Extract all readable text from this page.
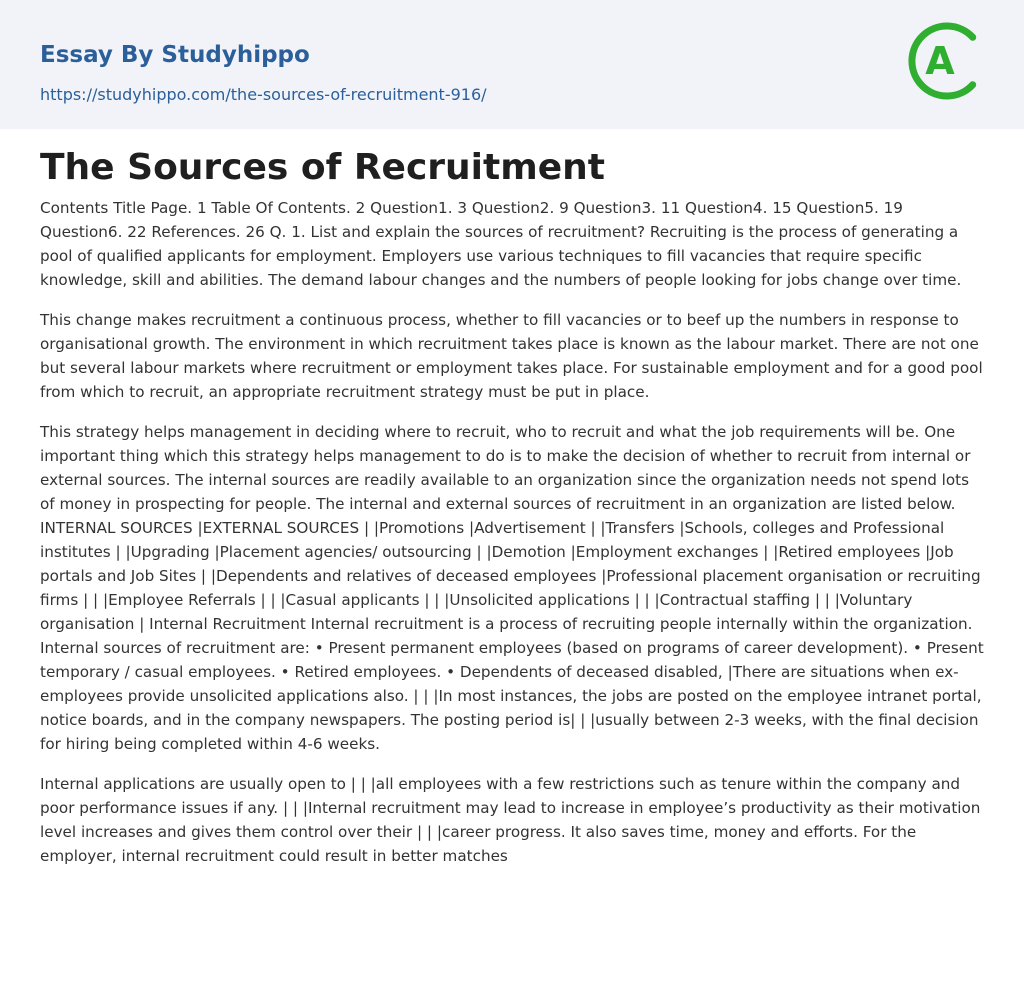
Essay By Studyhippo
https://studyhippo.com/the-sources-of-recruitment-916/
A
The Sources of Recruitment

Contents Title Page. 1 Table Of Contents. 2 Question1. 3 Question2. 9 Question3. 11 Question4. 15 Question5. 19 Question6. 22 References. 26 Q. 1. List and explain the sources of recruitment? Recruiting is the process of generating a pool of qualified applicants for employment. Employers use various techniques to fill vacancies that require specific knowledge, skill and abilities. The demand labour changes and the numbers of people looking for jobs change over time.

This change makes recruitment a continuous process, whether to fill vacancies or to beef up the numbers in response to organisational growth. The environment in which recruitment takes place is known as the labour market. There are not one but several labour markets where recruitment or employment takes place. For sustainable employment and for a good pool from which to recruit, an appropriate recruitment strategy must be put in place.

This strategy helps management in deciding where to recruit, who to recruit and what the job requirements will be. One important thing which this strategy helps management to do is to make the decision of whether to recruit from internal or external sources. The internal sources are readily available to an organization since the organization needs not spend lots of money in prospecting for people. The internal and external sources of recruitment in an organization are listed below. INTERNAL SOURCES |EXTERNAL SOURCES | |Promotions |Advertisement | |Transfers |Schools, colleges and Professional institutes | |Upgrading |Placement agencies/ outsourcing | |Demotion |Employment exchanges | |Retired employees |Job portals and Job Sites | |Dependents and relatives of deceased employees |Professional placement organisation or recruiting firms | | |Employee Referrals | | |Casual applicants | | |Unsolicited applications | | |Contractual staffing | | |Voluntary organisation | Internal Recruitment Internal recruitment is a process of recruiting people internally within the organization. Internal sources of recruitment are: • Present permanent employees (based on programs of career development). • Present temporary / casual employees. • Retired employees. • Dependents of deceased disabled, |There are situations when ex-employees provide unsolicited applications also. | | |In most instances, the jobs are posted on the employee intranet portal, notice boards, and in the company newspapers. The posting period is| | |usually between 2-3 weeks, with the final decision for hiring being completed within 4-6 weeks.

Internal applications are usually open to | | |all employees with a few restrictions such as tenure within the company and poor performance issues if any. | | |Internal recruitment may lead to increase in employee’s productivity as their motivation level increases and gives them control over their | | |career progress. It also saves time, money and efforts. For the employer, internal recruitment could result in better matches
